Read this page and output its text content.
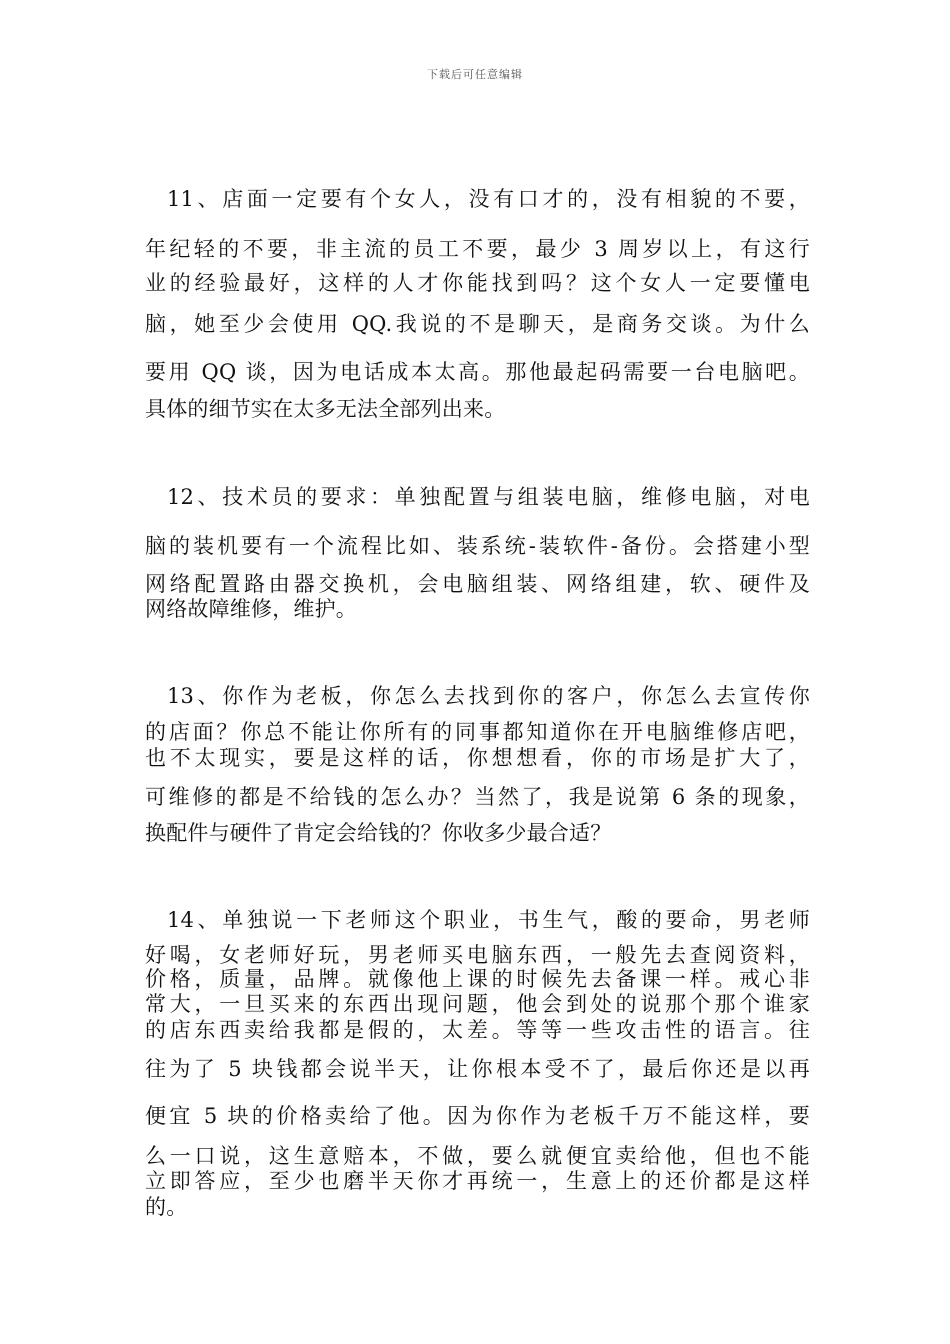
下载后可任意编辑
11、店面一定要有个女人，没有口才的，没有相貌的不要，
年纪轻的不要，非主流的员工不要，最少 3 周岁以上，有这行
业的经验最好，这样的人才你能找到吗？这个女人一定要懂电
脑，她至少会使用 QQ.我说的不是聊天，是商务交谈。为什么
要用 QQ 谈，因为电话成本太高。那他最起码需要一台电脑吧。
具体的细节实在太多无法全部列出来。
12、技术员的要求：单独配置与组装电脑，维修电脑，对电
脑的装机要有一个流程比如、装系统-装软件-备份。会搭建小型
网络配置路由器交换机，会电脑组装、网络组建，软、硬件及
网络故障维修，维护。
13、你作为老板，你怎么去找到你的客户，你怎么去宣传你
的店面？你总不能让你所有的同事都知道你在开电脑维修店吧，
也不太现实，要是这样的话，你想想看，你的市场是扩大了，
可维修的都是不给钱的怎么办？当然了，我是说第 6 条的现象，
换配件与硬件了肯定会给钱的？你收多少最合适？
14、单独说一下老师这个职业，书生气，酸的要命，男老师
好喝，女老师好玩，男老师买电脑东西，一般先去查阅资料，
价格，质量，品牌。就像他上课的时候先去备课一样。戒心非
常大，一旦买来的东西出现问题，他会到处的说那个那个谁家
的店东西卖给我都是假的，太差。等等一些攻击性的语言。往
往为了 5 块钱都会说半天，让你根本受不了，最后你还是以再
便宜 5 块的价格卖给了他。因为你作为老板千万不能这样，要
么一口说，这生意赔本，不做，要么就便宜卖给他，但也不能
立即答应，至少也磨半天你才再统一，生意上的还价都是这样
的。
